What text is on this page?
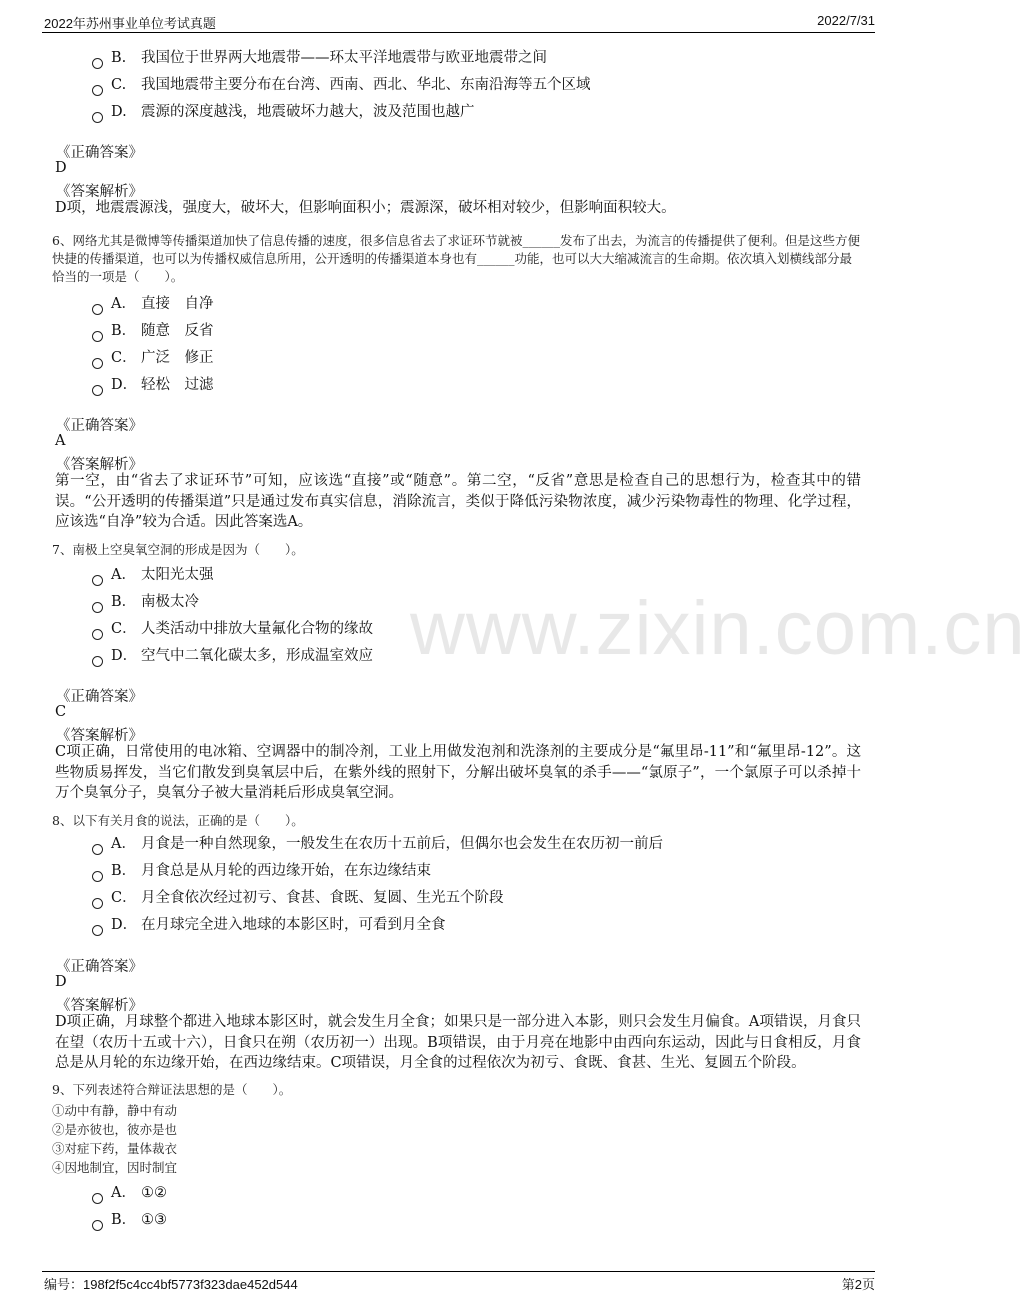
2022年苏州事业单位考试真题	2022/7/31
www.zixin.com.cn
B. 我国位于世界两大地震带——环太平洋地震带与欧亚地震带之间
C. 我国地震带主要分布在台湾、西南、西北、华北、东南沿海等五个区域
D. 震源的深度越浅，地震破坏力越大，波及范围也越广
《正确答案》
D
《答案解析》
D项，地震震源浅，强度大，破坏大，但影响面积小；震源深，破坏相对较少，但影响面积较大。
6、网络尤其是微博等传播渠道加快了信息传播的速度，很多信息省去了求证环节就被______发布了出去，为流言的传播提供了便利。但是这些方便快捷的传播渠道，也可以为传播权威信息所用，公开透明的传播渠道本身也有______功能，也可以大大缩减流言的生命期。依次填入划横线部分最恰当的一项是（　　）。
A． 直接　自净
B． 随意　反省
C． 广泛　修正
D． 轻松　过滤
《正确答案》
A
《答案解析》
第一空，由“省去了求证环节”可知，应该选“直接”或“随意”。第二空，“反省”意思是检查自己的思想行为，检查其中的错误。“公开透明的传播渠道”只是通过发布真实信息，消除流言，类似于降低污染物浓度，减少污染物毒性的物理、化学过程，应该选“自净”较为合适。因此答案选A。
7、南极上空臭氧空洞的形成是因为（　　）。
A． 太阳光太强
B． 南极太冷
C． 人类活动中排放大量氟化合物的缘故
D． 空气中二氧化碳太多，形成温室效应
《正确答案》
C
《答案解析》
C项正确，日常使用的电冰箱、空调器中的制冷剂，工业上用做发泡剂和洗涤剂的主要成分是“氟里昂-11”和“氟里昂-12”。这些物质易挥发，当它们散发到臭氧层中后，在紫外线的照射下，分解出破坏臭氧的杀手——“氯原子”，一个氯原子可以杀掉十万个臭氧分子，臭氧分子被大量消耗后形成臭氧空洞。
8、以下有关月食的说法，正确的是（　　）。
A． 月食是一种自然现象，一般发生在农历十五前后，但偶尔也会发生在农历初一前后
B． 月食总是从月轮的西边缘开始，在东边缘结束
C． 月全食依次经过初亏、食甚、食既、复圆、生光五个阶段
D． 在月球完全进入地球的本影区时，可看到月全食
《正确答案》
D
《答案解析》
D项正确，月球整个都进入地球本影区时，就会发生月全食；如果只是一部分进入本影，则只会发生月偏食。A项错误，月食只在望（农历十五或十六），日食只在朔（农历初一）出现。B项错误，由于月亮在地影中由西向东运动，因此与日食相反，月食总是从月轮的东边缘开始，在西边缘结束。C项错误，月全食的过程依次为初亏、食既、食甚、生光、复圆五个阶段。
9、下列表述符合辩证法思想的是（　　）。
①动中有静，静中有动
②是亦彼也，彼亦是也
③对症下药，量体裁衣
④因地制宜，因时制宜
A． ①②
B． ①③
编号：198f2f5c4cc4bf5773f323dae452d544	第2页
